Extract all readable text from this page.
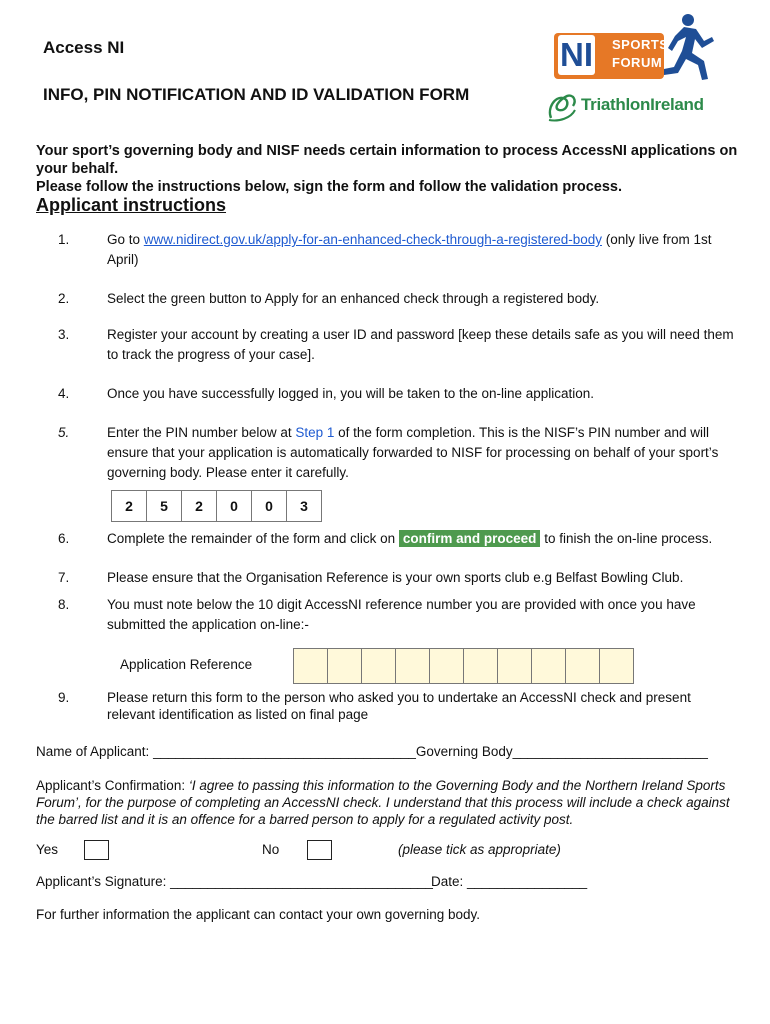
Access NI
INFO, PIN NOTIFICATION AND ID VALIDATION FORM
NI SPORTS
FORUM
TriathlonIreland
Your sport’s governing body and NISF needs certain information to process AccessNI applications on your behalf.
Please follow the instructions below, sign the form and follow the validation process.
Applicant instructions
1.	Go to www.nidirect.gov.uk/apply-for-an-enhanced-check-through-a-registered-body (only live from 1st April)
2.	Select the green button to Apply for an enhanced check through a registered body.
3.	Register your account by creating a user ID and password [keep these details safe as you will need them to track the progress of your case].
4.	Once you have successfully logged in, you will be taken to the on-line application.
5.	Enter the PIN number below at Step 1 of the form completion. This is the NISF’s PIN number and will ensure that your application is automatically forwarded to NISF for processing on behalf of your sport’s governing body. Please enter it carefully.
2	5	2	0	0	3
6.	Complete the remainder of the form and click on confirm and proceed to finish the on-line process.
7.	Please ensure that the Organisation Reference is your own sports club e.g Belfast Bowling Club.
8.	You must note below the 10 digit AccessNI reference number you are provided with once you have submitted the application on-line:-
Application Reference

9.	Please return this form to the person who asked you to undertake an AccessNI check and present relevant identification as listed on final page
Name of Applicant: ___________________________________Governing Body__________________________
Applicant’s Confirmation: ‘I agree to passing this information to the Governing Body and the Northern Ireland Sports Forum’, for the purpose of completing an AccessNI check. I understand that this process will include a check against the barred list and it is an offence for a barred person to apply for a regulated activity post.
Yes	No	(please tick as appropriate)
Applicant’s Signature: ___________________________________
Date: ________________
For further information the applicant can contact your own governing body.
